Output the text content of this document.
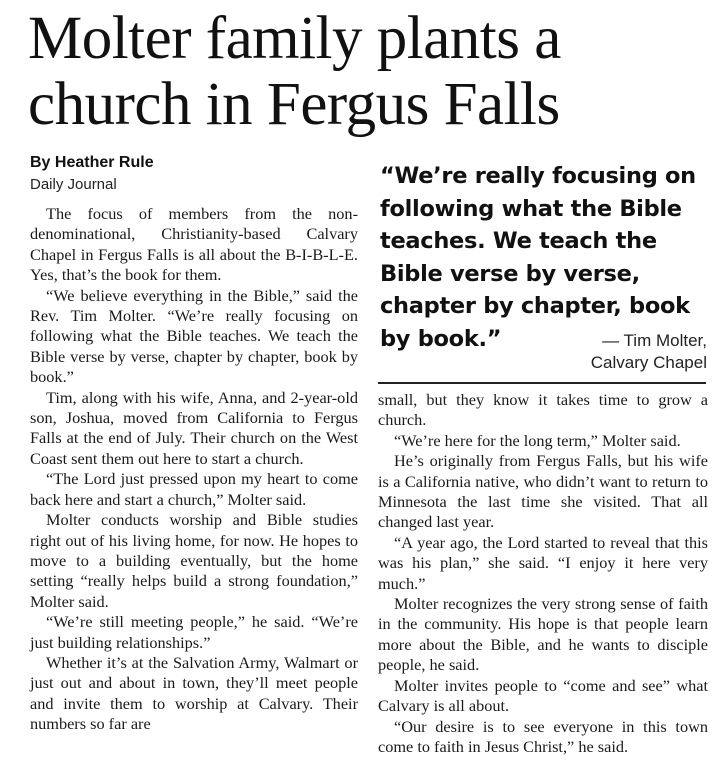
Molter family plants a church in Fergus Falls
By Heather Rule
Daily Journal

The focus of members from the non-denominational, Christianity-based Calvary Chapel in Fergus Falls is all about the B-I-B-L-E. Yes, that’s the book for them.

“We believe everything in the Bible,” said the Rev. Tim Molter. “We’re really focusing on following what the Bible teaches. We teach the Bible verse by verse, chapter by chapter, book by book.”

Tim, along with his wife, Anna, and 2-year-old son, Joshua, moved from California to Fergus Falls at the end of July. Their church on the West Coast sent them out here to start a church.

“The Lord just pressed upon my heart to come back here and start a church,” Molter said.

Molter conducts worship and Bible studies right out of his living home, for now. He hopes to move to a building eventually, but the home setting “really helps build a strong foundation,” Molter said.

“We’re still meeting people,” he said. “We’re just building relationships.”

Whether it’s at the Salvation Army, Walmart or just out and about in town, they’ll meet people and invite them to worship at Calvary. Their numbers so far are

“We’re really focusing on following what the Bible teaches. We teach the Bible verse by verse, chapter by chapter, book by book.”	— Tim Molter,
Calvary Chapel

small, but they know it takes time to grow a church.

“We’re here for the long term,” Molter said.

He’s originally from Fergus Falls, but his wife is a California native, who didn’t want to return to Minnesota the last time she visited. That all changed last year.

“A year ago, the Lord started to reveal that this was his plan,” she said. “I enjoy it here very much.”

Molter recognizes the very strong sense of faith in the community. His hope is that people learn more about the Bible, and he wants to disciple people, he said.

Molter invites people to “come and see” what Calvary is all about.

“Our desire is to see everyone in this town come to faith in Jesus Christ,” he said.
